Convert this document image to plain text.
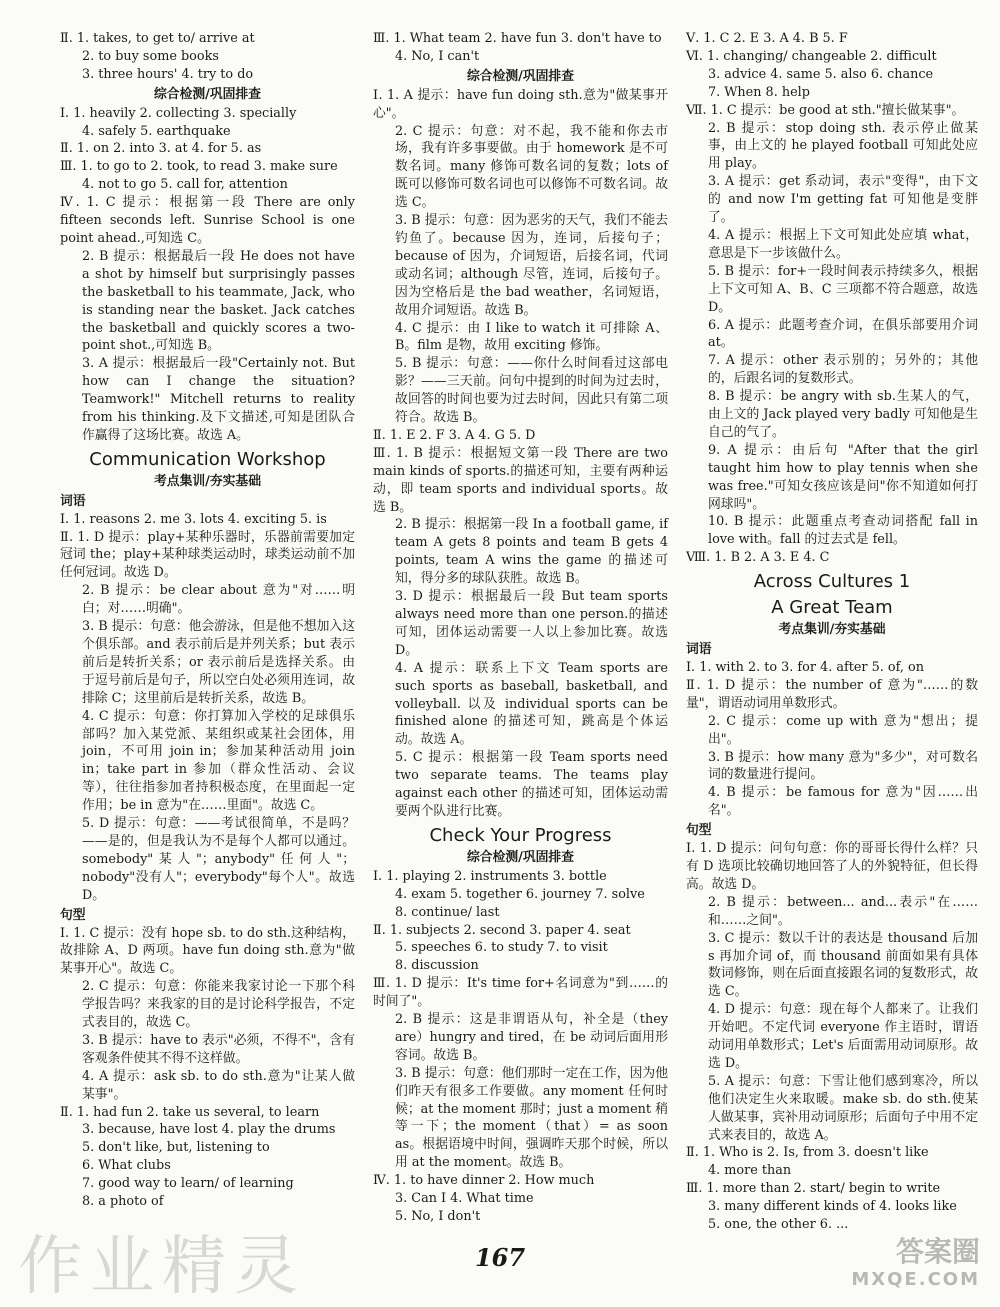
Ⅱ. 1. takes, to get to/ arrive at

2. to buy some books

3. three hours' 4. try to do

综合检测/巩固排查

Ⅰ. 1. heavily 2. collecting 3. specially

4. safely 5. earthquake

Ⅱ. 1. on 2. into 3. at 4. for 5. as

Ⅲ. 1. to go to 2. took, to read 3. make sure

4. not to go 5. call for, attention

Ⅳ. 1. C 提示：根据第一段 There are only fifteen seconds left. Sunrise School is one point ahead.,可知选 C。

2. B 提示：根据最后一段 He does not have a shot by himself but surprisingly passes the basketball to his teammate, Jack, who is standing near the basket. Jack catches the basketball and quickly scores a two-point shot.,可知选 B。

3. A 提示：根据最后一段"Certainly not. But how can I change the situation? Teamwork!" Mitchell returns to reality from his thinking.及下文描述,可知是团队合作赢得了这场比赛。故选 A。

Communication Workshop

考点集训/夯实基础

词语

Ⅰ. 1. reasons 2. me 3. lots 4. exciting 5. is

Ⅱ. 1. D 提示：play+某种乐器时，乐器前需要加定冠词 the；play+某种球类运动时，球类运动前不加任何冠词。故选 D。

2. B 提示：be clear about 意为"对……明白；对……明确"。

3. B 提示：句意：他会游泳，但是他不想加入这个俱乐部。and 表示前后是并列关系；but 表示前后是转折关系；or 表示前后是选择关系。由于逗号前后是句子，所以空白处必须用连词，故排除 C；这里前后是转折关系，故选 B。

4. C 提示：句意：你打算加入学校的足球俱乐部吗？加入某党派、某组织或某社会团体，用 join，不可用 join in；参加某种活动用 join in；take part in 参加（群众性活动、会议等），往往指参加者持积极态度，在里面起一定作用；be in 意为"在……里面"。故选 C。

5. D 提示：句意：——考试很简单，不是吗？——是的，但是我认为不是每个人都可以通过。somebody"某人"；anybody"任何人"；nobody"没有人"；everybody"每个人"。故选 D。

句型

Ⅰ. 1. C 提示：没有 hope sb. to do sth.这种结构，故排除 A、D 两项。have fun doing sth.意为"做某事开心"。故选 C。

2. C 提示：句意：你能来我家讨论一下那个科学报告吗？来我家的目的是讨论科学报告，不定式表目的，故选 C。

3. B 提示：have to 表示"必须，不得不"，含有客观条件使其不得不这样做。

4. A 提示：ask sb. to do sth.意为"让某人做某事"。

Ⅱ. 1. had fun 2. take us several, to learn

3. because, have lost 4. play the drums

5. don't like, but, listening to

6. What clubs

7. good way to learn/ of learning

8. a photo of

Ⅲ. 1. What team 2. have fun 3. don't have to

4. No, I can't

综合检测/巩固排查

Ⅰ. 1. A 提示：have fun doing sth.意为"做某事开心"。

2. C 提示：句意：对不起，我不能和你去市场，我有许多事要做。由于 homework 是不可数名词。many 修饰可数名词的复数；lots of 既可以修饰可数名词也可以修饰不可数名词。故选 C。

3. B 提示：句意：因为恶劣的天气，我们不能去钓鱼了。because 因为，连词，后接句子；because of 因为，介词短语，后接名词，代词或动名词；although 尽管，连词，后接句子。因为空格后是 the bad weather，名词短语，故用介词短语。故选 B。

4. C 提示：由 I like to watch it 可排除 A、B。film 是物，故用 exciting 修饰。

5. B 提示：句意：——你什么时间看过这部电影？——三天前。问句中提到的时间为过去时，故回答的时间也要为过去时间，因此只有第二项符合。故选 B。

Ⅱ. 1. E 2. F 3. A 4. G 5. D

Ⅲ. 1. B 提示：根据短文第一段 There are two main kinds of sports.的描述可知，主要有两种运动，即 team sports and individual sports。故选 B。

2. B 提示：根据第一段 In a football game, if team A gets 8 points and team B gets 4 points, team A wins the game 的描述可知，得分多的球队获胜。故选 B。

3. D 提示：根据最后一段 But team sports always need more than one person.的描述可知，团体运动需要一人以上参加比赛。故选 D。

4. A 提示：联系上下文 Team sports are such sports as baseball, basketball, and volleyball. 以及 individual sports can be finished alone 的描述可知，跳高是个体运动。故选 A。

5. C 提示：根据第一段 Team sports need two separate teams. The teams play against each other 的描述可知，团体运动需要两个队进行比赛。

Check Your Progress

综合检测/巩固排查

Ⅰ. 1. playing 2. instruments 3. bottle

4. exam 5. together 6. journey 7. solve

8. continue/ last

Ⅱ. 1. subjects 2. second 3. paper 4. seat

5. speeches 6. to study 7. to visit

8. discussion

Ⅲ. 1. D 提示：It's time for+名词意为"到……的时间了"。

2. B 提示：这是非谓语从句，补全是（they are）hungry and tired，在 be 动词后面用形容词。故选 B。

3. B 提示：句意：他们那时一定在工作，因为他们昨天有很多工作要做。any moment 任何时候；at the moment 那时；just a moment 稍等一下；the moment（that）= as soon as。根据语境中时间，强调昨天那个时候，所以用 at the moment。故选 B。

Ⅳ. 1. to have dinner 2. How much

3. Can I 4. What time

5. No, I don't

Ⅴ. 1. C 2. E 3. A 4. B 5. F

Ⅵ. 1. changing/ changeable 2. difficult

3. advice 4. same 5. also 6. chance

7. When 8. help

Ⅶ. 1. C 提示：be good at sth."擅长做某事"。

2. B 提示：stop doing sth. 表示停止做某事，由上文的 he played football 可知此处应用 play。

3. A 提示：get 系动词，表示"变得"，由下文的 and now I'm getting fat 可知他是变胖了。

4. A 提示：根据上下文可知此处应填 what，意思是下一步该做什么。

5. B 提示：for+一段时间表示持续多久，根据上下文可知 A、B、C 三项都不符合题意，故选 D。

6. A 提示：此题考查介词，在俱乐部要用介词 at。

7. A 提示：other 表示别的；另外的；其他的，后跟名词的复数形式。

8. B 提示：be angry with sb.生某人的气，由上文的 Jack played very badly 可知他是生自己的气了。

9. A 提示：由后句 "After that the girl taught him how to play tennis when she was free."可知女孩应该是问"你不知道如何打网球吗"。

10. B 提示：此题重点考查动词搭配 fall in love with。fall 的过去式是 fell。

Ⅷ. 1. B 2. A 3. E 4. C

Across Cultures 1

A Great Team

考点集训/夯实基础

词语

Ⅰ. 1. with 2. to 3. for 4. after 5. of, on

Ⅱ. 1. D 提示：the number of 意为"……的数量"，谓语动词用单数形式。

2. C 提示：come up with 意为"想出；提出"。

3. B 提示：how many 意为"多少"，对可数名词的数量进行提问。

4. B 提示：be famous for 意为"因……出名"。

句型

Ⅰ. 1. D 提示：问句句意：你的哥哥长得什么样？只有 D 选项比较确切地回答了人的外貌特征，但长得高。故选 D。

2. B 提示：between... and...表示"在……和……之间"。

3. C 提示：数以千计的表达是 thousand 后加 s 再加介词 of，而 thousand 前面如果有具体数词修饰，则在后面直接跟名词的复数形式，故选 C。

4. D 提示：句意：现在每个人都来了。让我们开始吧。不定代词 everyone 作主语时，谓语动词用单数形式；Let's 后面需用动词原形。故选 D。

5. A 提示：句意：下雪让他们感到寒冷，所以他们决定生火来取暖。make sb. do sth.使某人做某事，宾补用动词原形；后面句子中用不定式来表目的，故选 A。

Ⅱ. 1. Who is 2. Is, from 3. doesn't like

4. more than

Ⅲ. 1. more than 2. start/ begin to write

3. many different kinds of 4. looks like

5. one, the other 6. ...

167
作业精灵	答案圈
MXQE.COM
